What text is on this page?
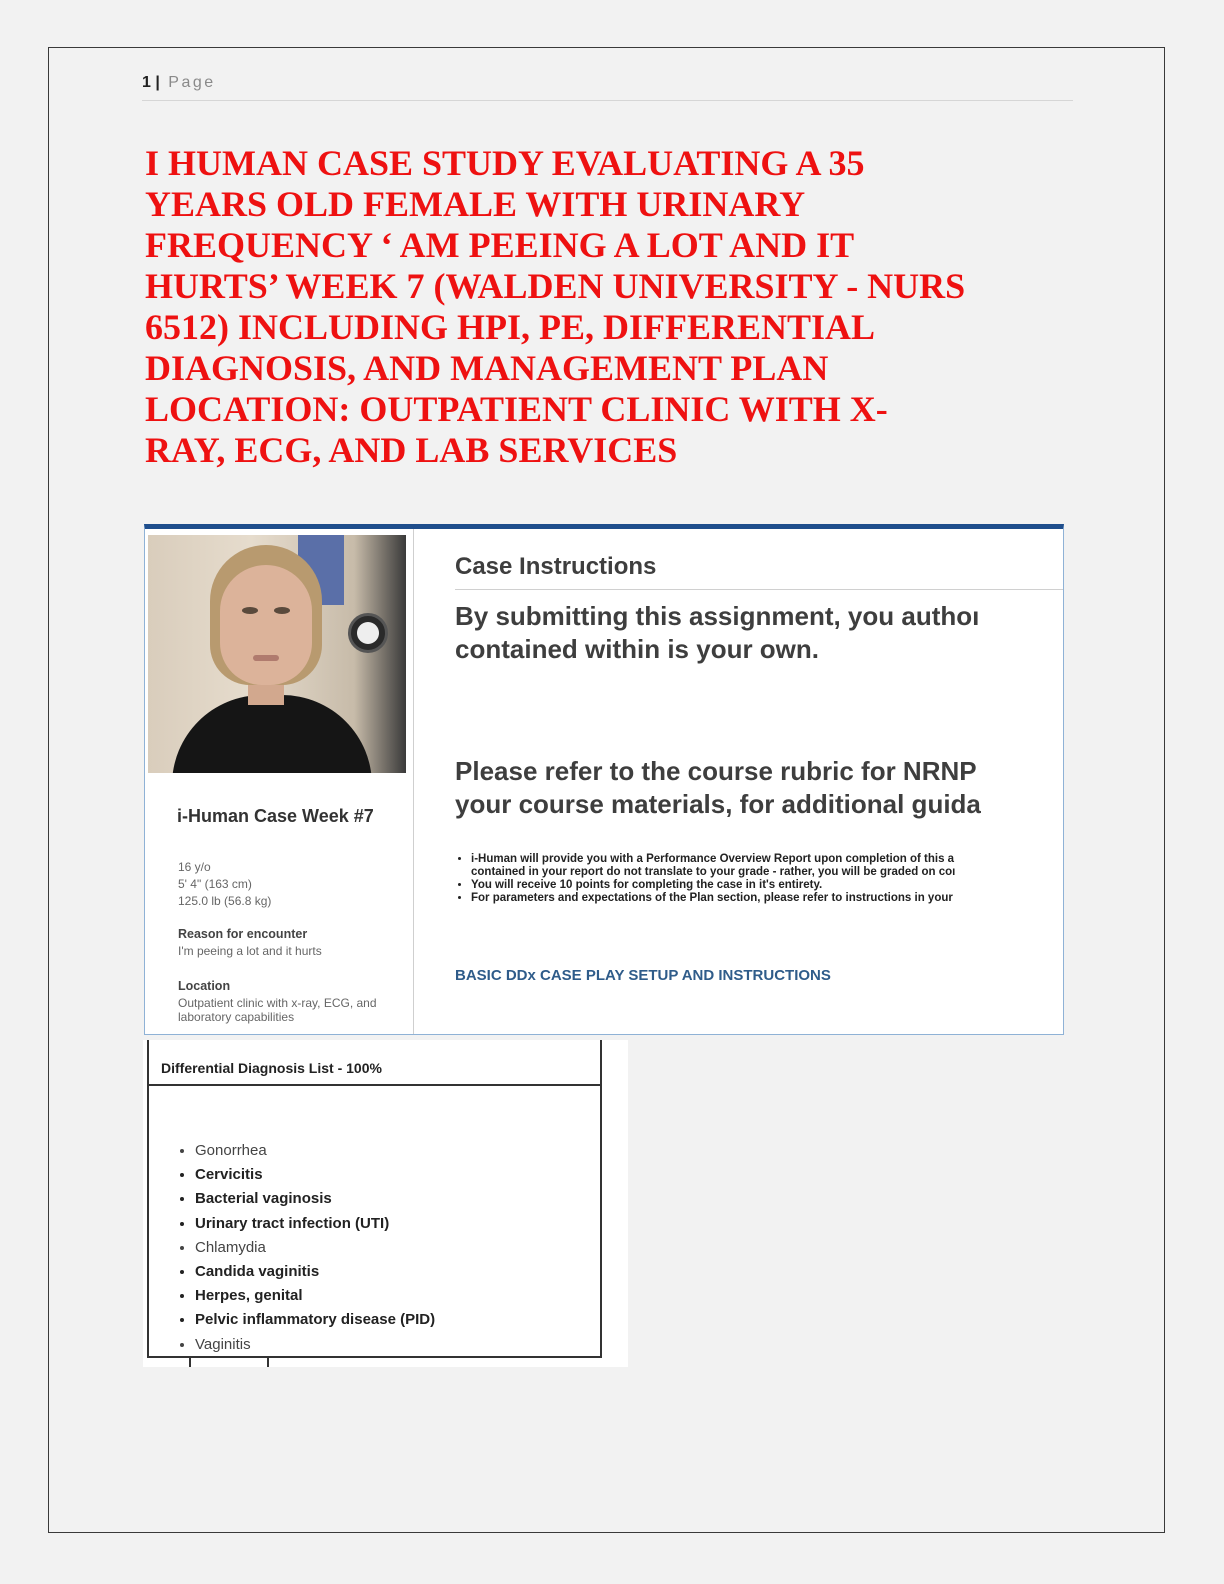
1 | Page
I HUMAN CASE STUDY EVALUATING A 35
YEARS OLD FEMALE WITH URINARY
FREQUENCY ‘ AM PEEING A LOT AND IT
HURTS’ WEEK 7 (WALDEN UNIVERSITY - NURS
6512) INCLUDING HPI, PE, DIFFERENTIAL
DIAGNOSIS, AND MANAGEMENT PLAN
LOCATION: OUTPATIENT CLINIC WITH X-
RAY, ECG, AND LAB SERVICES
i-Human Case Week #7
16 y/o
5' 4" (163 cm)
125.0 lb (56.8 kg)
Reason for encounter
I'm peeing a lot and it hurts
Location
Outpatient clinic with x-ray, ECG, and laboratory capabilities
Case Instructions
By submitting this assignment, you authoı
contained within is your own.
Please refer to the course rubric for NRNP
your course materials, for additional guida
• i-Human will provide you with a Performance Overview Report upon completion of this a
contained in your report do not translate to your grade - rather, you will be graded on coı
• You will receive 10 points for completing the case in it's entirety.
• For parameters and expectations of the Plan section, please refer to instructions in your
BASIC DDx CASE PLAY SETUP AND INSTRUCTIONS
Differential Diagnosis List - 100%
• Gonorrhea
• Cervicitis
• Bacterial vaginosis
• Urinary tract infection (UTI)
• Chlamydia
• Candida vaginitis
• Herpes, genital
• Pelvic inflammatory disease (PID)
• Vaginitis
